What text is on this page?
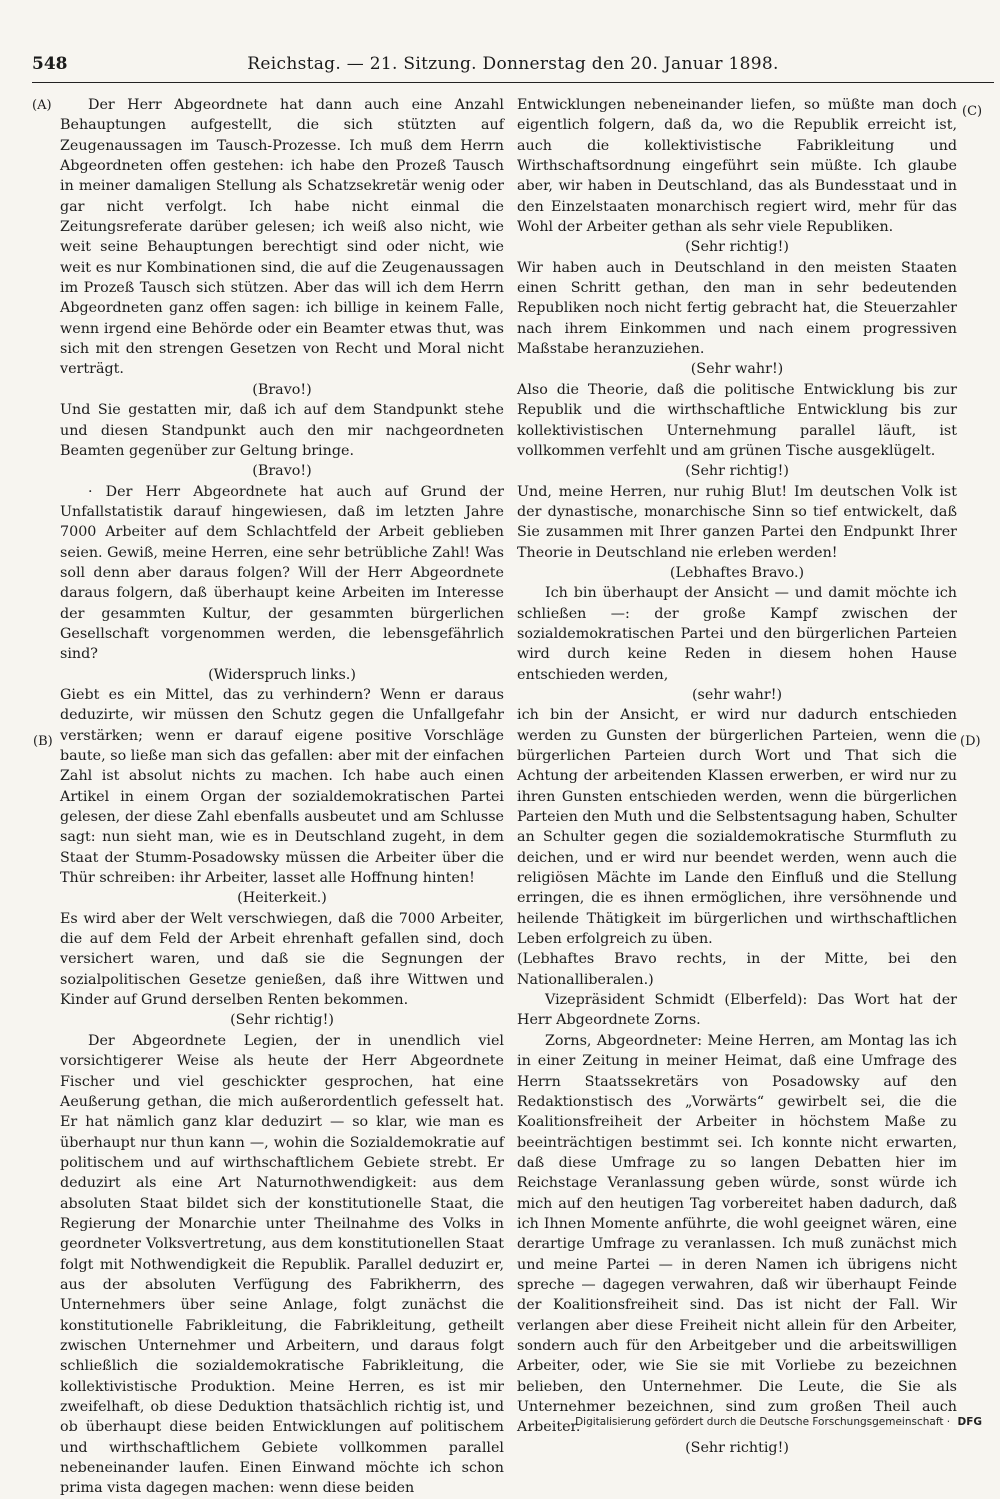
548	Reichstag. — 21. Sitzung. Donnerstag den 20. Januar 1898.
(A)
(B)
(C)
(D)

Der Herr Abgeordnete hat dann auch eine Anzahl Behauptungen aufgestellt, die sich stützten auf Zeugenaussagen im Tausch-Prozesse. Ich muß dem Herrn Abgeordneten offen gestehen: ich habe den Prozeß Tausch in meiner damaligen Stellung als Schatzsekretär wenig oder gar nicht verfolgt. Ich habe nicht einmal die Zeitungsreferate darüber gelesen; ich weiß also nicht, wie weit seine Behauptungen berechtigt sind oder nicht, wie weit es nur Kombinationen sind, die auf die Zeugenaussagen im Prozeß Tausch sich stützen. Aber das will ich dem Herrn Abgeordneten ganz offen sagen: ich billige in keinem Falle, wenn irgend eine Behörde oder ein Beamter etwas thut, was sich mit den strengen Gesetzen von Recht und Moral nicht verträgt.

(Bravo!)

Und Sie gestatten mir, daß ich auf dem Standpunkt stehe und diesen Standpunkt auch den mir nachgeordneten Beamten gegenüber zur Geltung bringe.

(Bravo!)

· Der Herr Abgeordnete hat auch auf Grund der Unfallstatistik darauf hingewiesen, daß im letzten Jahre 7000 Arbeiter auf dem Schlachtfeld der Arbeit geblieben seien. Gewiß, meine Herren, eine sehr betrübliche Zahl! Was soll denn aber daraus folgen? Will der Herr Abgeordnete daraus folgern, daß überhaupt keine Arbeiten im Interesse der gesammten Kultur, der gesammten bürgerlichen Gesellschaft vorgenommen werden, die lebensgefährlich sind?

(Widerspruch links.)

Giebt es ein Mittel, das zu verhindern? Wenn er daraus deduzirte, wir müssen den Schutz gegen die Unfallgefahr verstärken; wenn er darauf eigene positive Vorschläge baute, so ließe man sich das gefallen: aber mit der einfachen Zahl ist absolut nichts zu machen. Ich habe auch einen Artikel in einem Organ der sozialdemokratischen Partei gelesen, der diese Zahl ebenfalls ausbeutet und am Schlusse sagt: nun sieht man, wie es in Deutschland zugeht, in dem Staat der Stumm-Posadowsky müssen die Arbeiter über die Thür schreiben: ihr Arbeiter, lasset alle Hoffnung hinten!

(Heiterkeit.)

Es wird aber der Welt verschwiegen, daß die 7000 Arbeiter, die auf dem Feld der Arbeit ehrenhaft gefallen sind, doch versichert waren, und daß sie die Segnungen der sozialpolitischen Gesetze genießen, daß ihre Wittwen und Kinder auf Grund derselben Renten bekommen.

(Sehr richtig!)

Der Abgeordnete Legien, der in unendlich viel vorsichtigerer Weise als heute der Herr Abgeordnete Fischer und viel geschickter gesprochen, hat eine Aeußerung gethan, die mich außerordentlich gefesselt hat. Er hat nämlich ganz klar deduzirt — so klar, wie man es überhaupt nur thun kann —, wohin die Sozialdemokratie auf politischem und auf wirthschaftlichem Gebiete strebt. Er deduzirt als eine Art Naturnothwendigkeit: aus dem absoluten Staat bildet sich der konstitutionelle Staat, die Regierung der Monarchie unter Theilnahme des Volks in geordneter Volksvertretung, aus dem konstitutionellen Staat folgt mit Nothwendigkeit die Republik. Parallel deduzirt er, aus der absoluten Verfügung des Fabrikherrn, des Unternehmers über seine Anlage, folgt zunächst die konstitutionelle Fabrikleitung, die Fabrikleitung, getheilt zwischen Unternehmer und Arbeitern, und daraus folgt schließlich die sozialdemokratische Fabrikleitung, die kollektivistische Produktion. Meine Herren, es ist mir zweifelhaft, ob diese Deduktion thatsächlich richtig ist, und ob überhaupt diese beiden Entwicklungen auf politischem und wirthschaftlichem Gebiete vollkommen parallel nebeneinander laufen. Einen Einwand möchte ich schon prima vista dagegen machen: wenn diese beiden

Entwicklungen nebeneinander liefen, so müßte man doch eigentlich folgern, daß da, wo die Republik erreicht ist, auch die kollektivistische Fabrikleitung und Wirthschaftsordnung eingeführt sein müßte. Ich glaube aber, wir haben in Deutschland, das als Bundesstaat und in den Einzelstaaten monarchisch regiert wird, mehr für das Wohl der Arbeiter gethan als sehr viele Republiken.

(Sehr richtig!)

Wir haben auch in Deutschland in den meisten Staaten einen Schritt gethan, den man in sehr bedeutenden Republiken noch nicht fertig gebracht hat, die Steuerzahler nach ihrem Einkommen und nach einem progressiven Maßstabe heranzuziehen.

(Sehr wahr!)

Also die Theorie, daß die politische Entwicklung bis zur Republik und die wirthschaftliche Entwicklung bis zur kollektivistischen Unternehmung parallel läuft, ist vollkommen verfehlt und am grünen Tische ausgeklügelt.

(Sehr richtig!)

Und, meine Herren, nur ruhig Blut! Im deutschen Volk ist der dynastische, monarchische Sinn so tief entwickelt, daß Sie zusammen mit Ihrer ganzen Partei den Endpunkt Ihrer Theorie in Deutschland nie erleben werden!

(Lebhaftes Bravo.)

Ich bin überhaupt der Ansicht — und damit möchte ich schließen —: der große Kampf zwischen der sozialdemokratischen Partei und den bürgerlichen Parteien wird durch keine Reden in diesem hohen Hause entschieden werden,

(sehr wahr!)

ich bin der Ansicht, er wird nur dadurch entschieden werden zu Gunsten der bürgerlichen Parteien, wenn die bürgerlichen Parteien durch Wort und That sich die Achtung der arbeitenden Klassen erwerben, er wird nur zu ihren Gunsten entschieden werden, wenn die bürgerlichen Parteien den Muth und die Selbstentsagung haben, Schulter an Schulter gegen die sozialdemokratische Sturmfluth zu deichen, und er wird nur beendet werden, wenn auch die religiösen Mächte im Lande den Einfluß und die Stellung erringen, die es ihnen ermöglichen, ihre versöhnende und heilende Thätigkeit im bürgerlichen und wirthschaftlichen Leben erfolgreich zu üben.

(Lebhaftes Bravo rechts, in der Mitte, bei den Nationalliberalen.)

Vizepräsident Schmidt (Elberfeld): Das Wort hat der Herr Abgeordnete Zorns.

Zorns, Abgeordneter: Meine Herren, am Montag las ich in einer Zeitung in meiner Heimat, daß eine Umfrage des Herrn Staatssekretärs von Posadowsky auf den Redaktionstisch des „Vorwärts“ gewirbelt sei, die die Koalitionsfreiheit der Arbeiter in höchstem Maße zu beeinträchtigen bestimmt sei. Ich konnte nicht erwarten, daß diese Umfrage zu so langen Debatten hier im Reichstage Veranlassung geben würde, sonst würde ich mich auf den heutigen Tag vorbereitet haben dadurch, daß ich Ihnen Momente anführte, die wohl geeignet wären, eine derartige Umfrage zu veranlassen. Ich muß zunächst mich und meine Partei — in deren Namen ich übrigens nicht spreche — dagegen verwahren, daß wir überhaupt Feinde der Koalitionsfreiheit sind. Das ist nicht der Fall. Wir verlangen aber diese Freiheit nicht allein für den Arbeiter, sondern auch für den Arbeitgeber und die arbeitswilligen Arbeiter, oder, wie Sie sie mit Vorliebe zu bezeichnen belieben, den Unternehmer. Die Leute, die Sie als Unternehmer bezeichnen, sind zum großen Theil auch Arbeiter.

(Sehr richtig!)

Digitalisierung gefördert durch die Deutsche Forschungsgemeinschaft · DFG
